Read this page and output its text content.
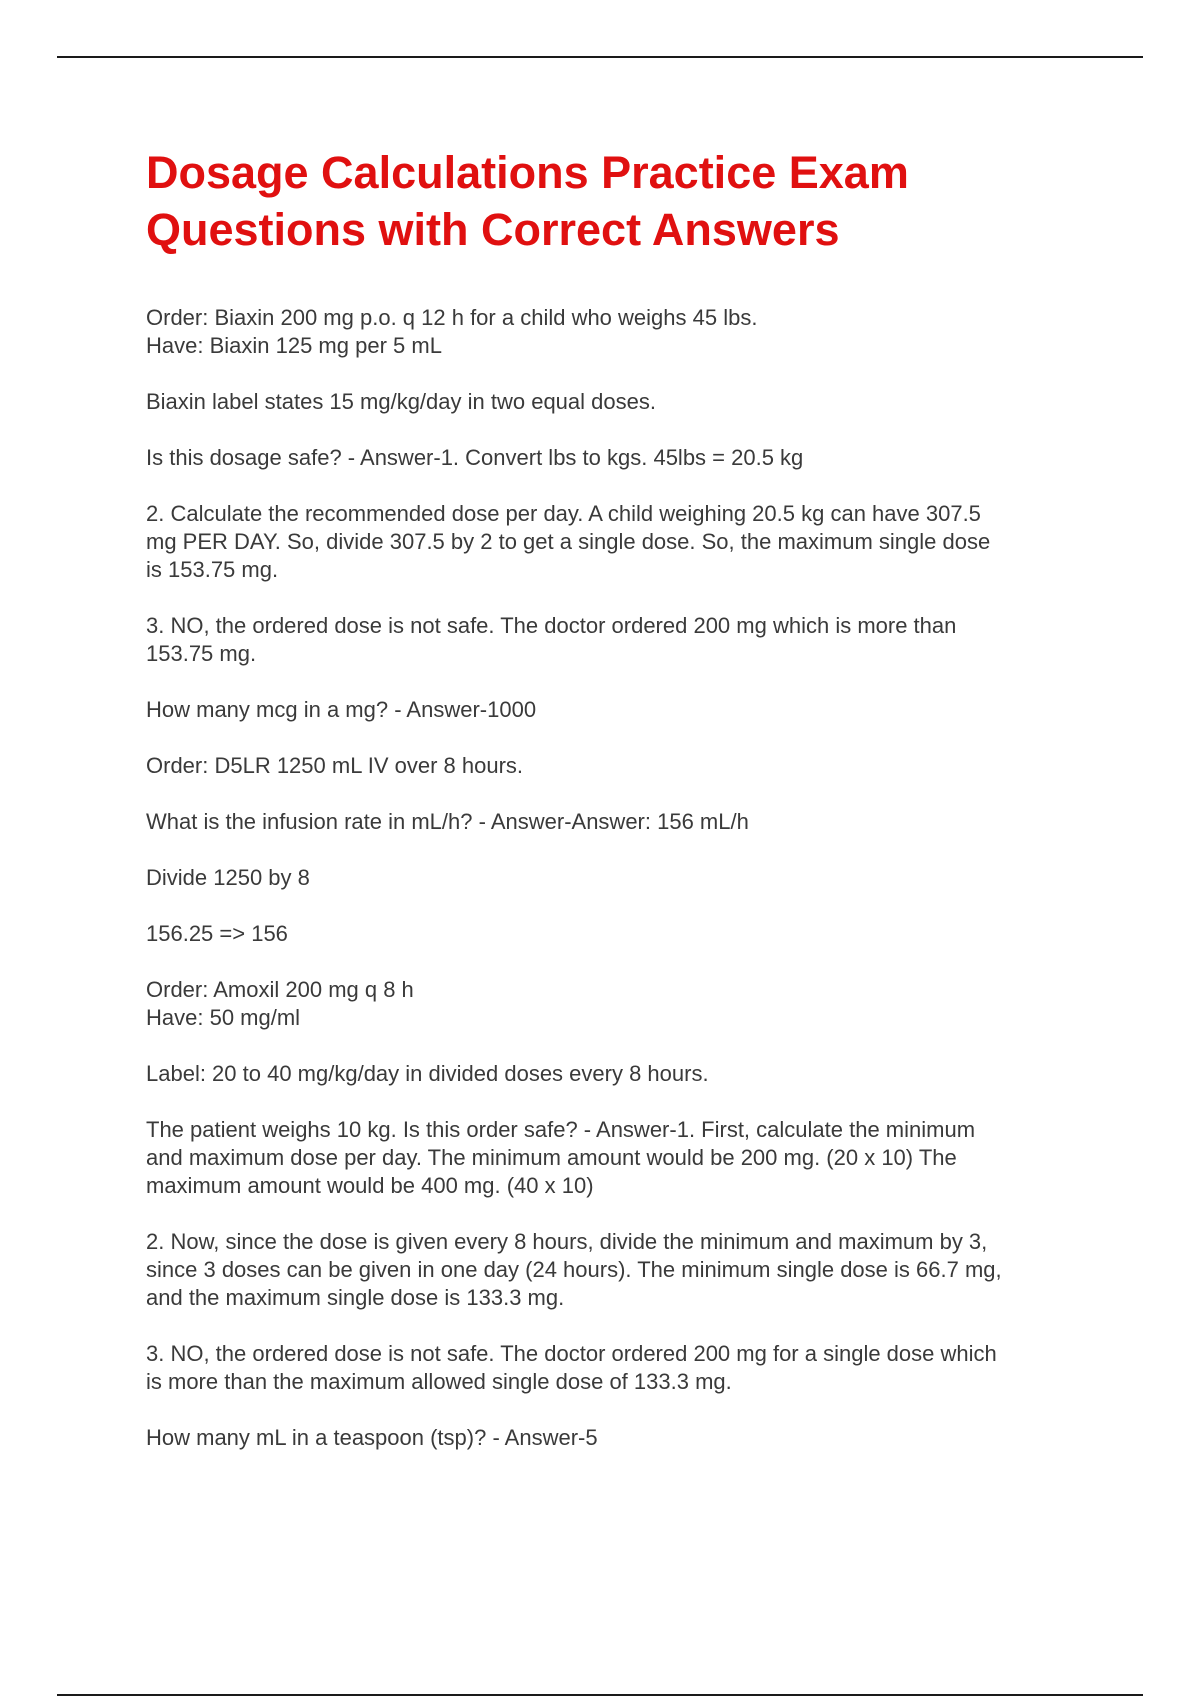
Dosage Calculations Practice Exam
Questions with Correct Answers

Order: Biaxin 200 mg p.o. q 12 h for a child who weighs 45 lbs.
Have: Biaxin 125 mg per 5 mL

Biaxin label states 15 mg/kg/day in two equal doses.

Is this dosage safe? - Answer-1. Convert lbs to kgs. 45lbs = 20.5 kg

2. Calculate the recommended dose per day. A child weighing 20.5 kg can have 307.5
mg PER DAY. So, divide 307.5 by 2 to get a single dose. So, the maximum single dose
is 153.75 mg.

3. NO, the ordered dose is not safe. The doctor ordered 200 mg which is more than
153.75 mg.

How many mcg in a mg? - Answer-1000

Order: D5LR 1250 mL IV over 8 hours.

What is the infusion rate in mL/h? - Answer-Answer: 156 mL/h

Divide 1250 by 8

156.25 => 156

Order: Amoxil 200 mg q 8 h
Have: 50 mg/ml

Label: 20 to 40 mg/kg/day in divided doses every 8 hours.

The patient weighs 10 kg. Is this order safe? - Answer-1. First, calculate the minimum
and maximum dose per day. The minimum amount would be 200 mg. (20 x 10) The
maximum amount would be 400 mg. (40 x 10)

2. Now, since the dose is given every 8 hours, divide the minimum and maximum by 3,
since 3 doses can be given in one day (24 hours). The minimum single dose is 66.7 mg,
and the maximum single dose is 133.3 mg.

3. NO, the ordered dose is not safe. The doctor ordered 200 mg for a single dose which
is more than the maximum allowed single dose of 133.3 mg.

How many mL in a teaspoon (tsp)? - Answer-5
